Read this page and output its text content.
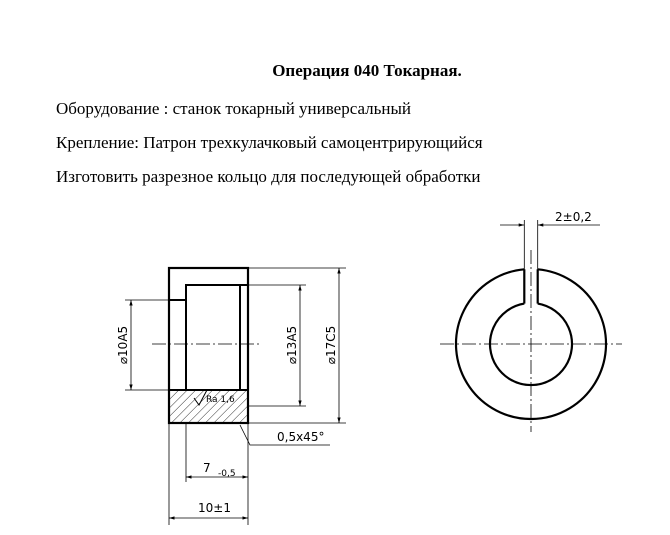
Операция 040 Токарная.
Оборудование : станок токарный универсальный
Крепление: Патрон трехкулачковый самоцентрирующийся
Изготовить разрезное кольцо для последующей обработки
Ra 1,6
⌀10A5	⌀13A5 ⌀17C5
0,5x45°
7 -0,5
10±1
2±0,2
